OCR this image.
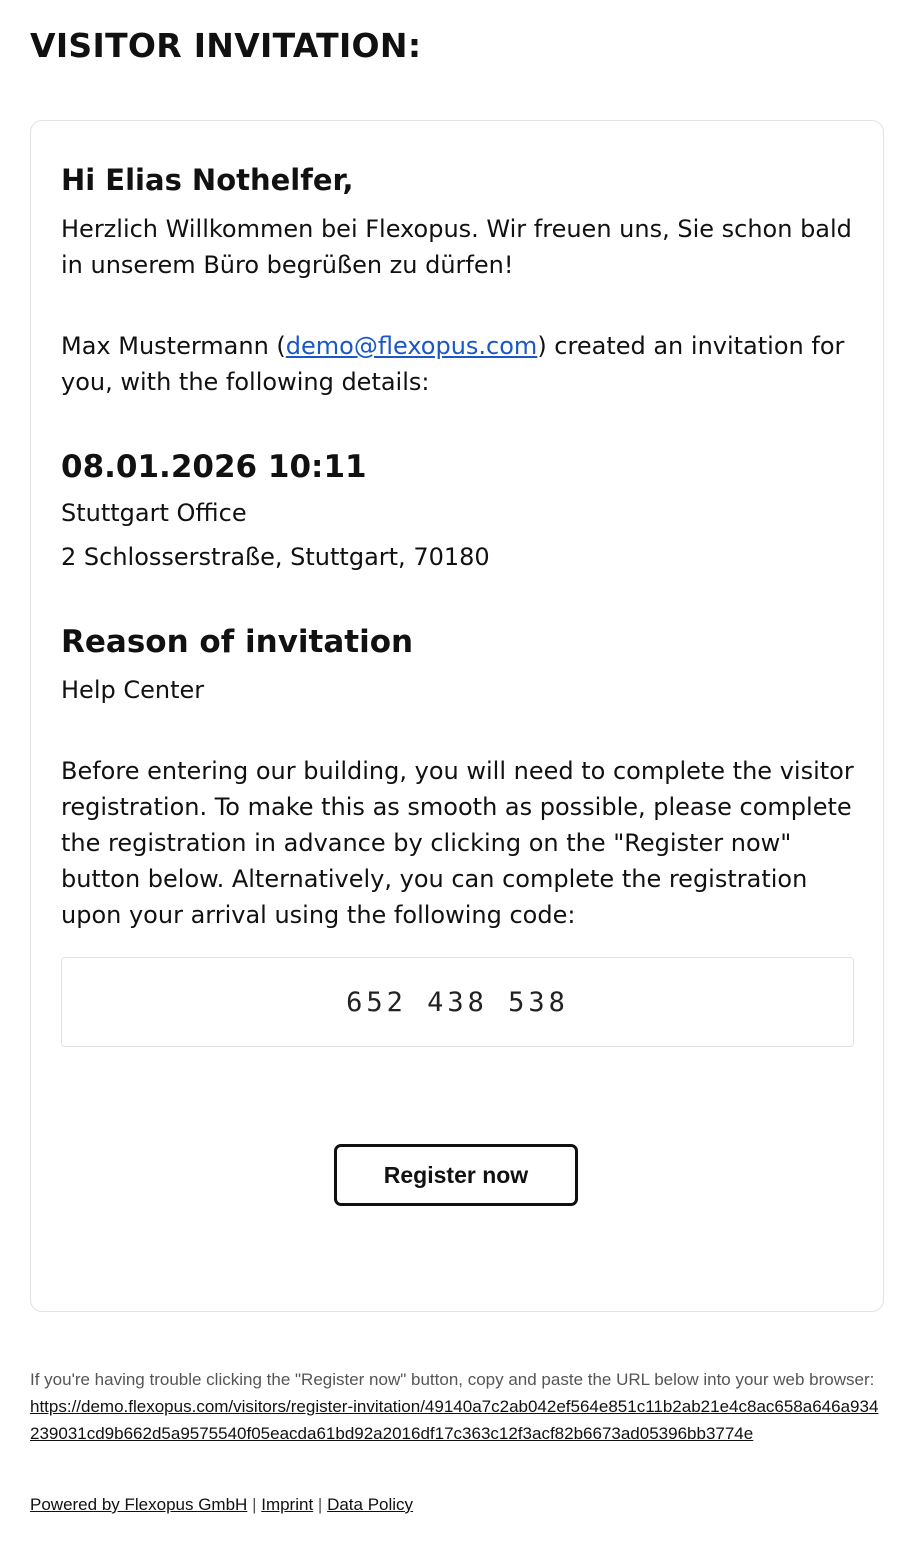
VISITOR INVITATION:
Hi Elias Nothelfer,

Herzlich Willkommen bei Flexopus. Wir freuen uns, Sie schon bald in unserem Büro begrüßen zu dürfen!

Max Mustermann (demo@flexopus.com) created an invitation for you, with the following details:

08.01.2026 10:11

Stuttgart Office

2 Schlosserstraße, Stuttgart, 70180

Reason of invitation

Help Center

Before entering our building, you will need to complete the visitor registration. To make this as smooth as possible, please complete the registration in advance by clicking on the "Register now" button below. Alternatively, you can complete the registration upon your arrival using the following code:

652 438 538
Register now

If you're having trouble clicking the "Register now" button, copy and paste the URL below into your web browser: https://demo.flexopus.com/visitors/register-invitation/49140a7c2ab042ef564e851c11b2ab21e4c8ac658a646a934239031cd9b662d5a9575540f05eacda61bd92a2016df17c363c12f3acf82b6673ad05396bb3774e

Powered by Flexopus GmbH | Imprint | Data Policy
